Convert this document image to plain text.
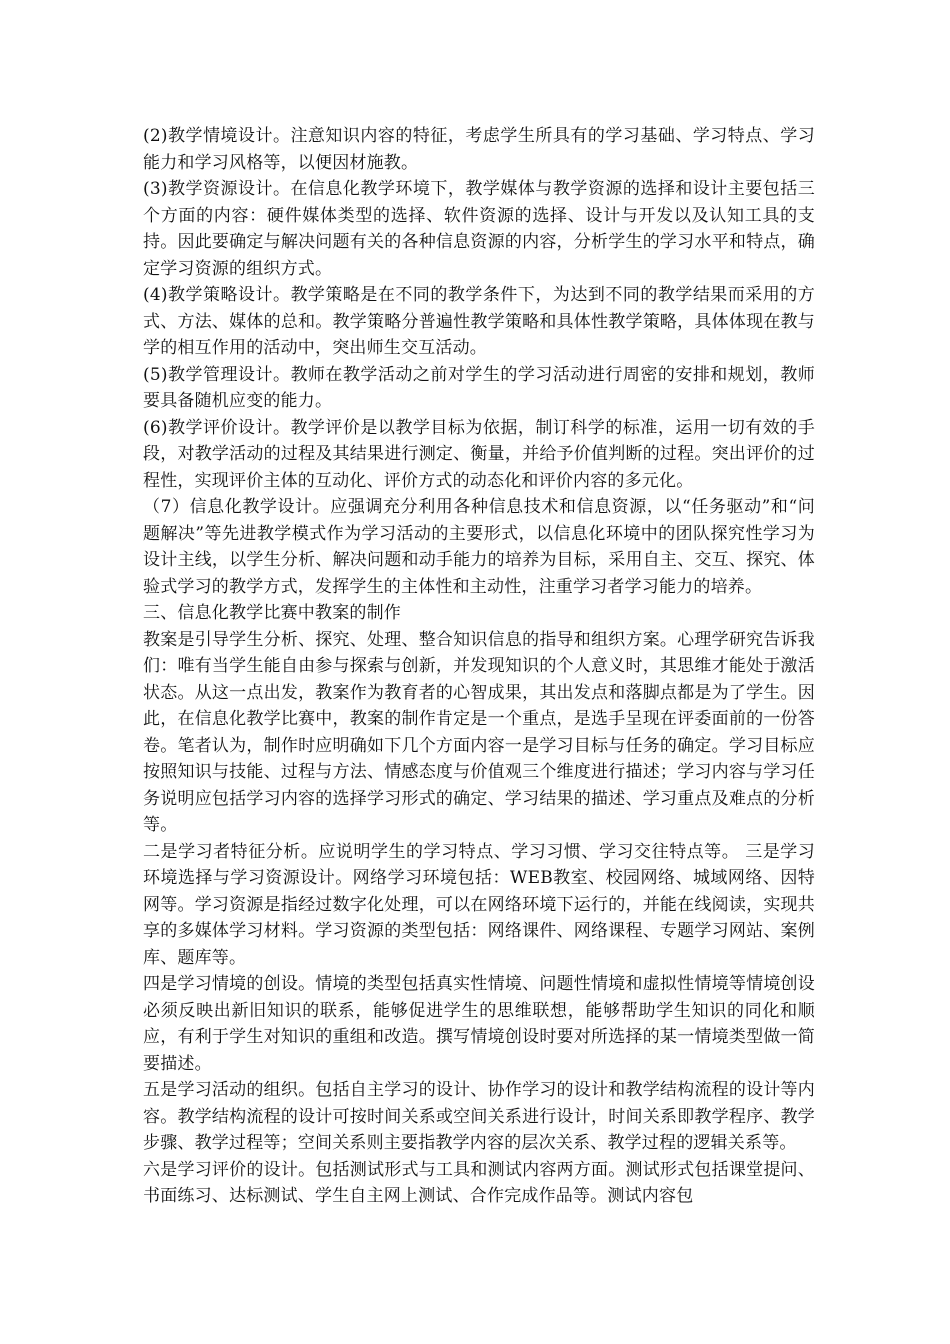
(2)教学情境设计。注意知识内容的特征，考虑学生所具有的学习基础、学习特点、学习能力和学习风格等，以便因材施教。

(3)教学资源设计。在信息化教学环境下，教学媒体与教学资源的选择和设计主要包括三个方面的内容：硬件媒体类型的选择、软件资源的选择、设计与开发以及认知工具的支持。因此要确定与解决问题有关的各种信息资源的内容，分析学生的学习水平和特点，确定学习资源的组织方式。

(4)教学策略设计。教学策略是在不同的教学条件下，为达到不同的教学结果而采用的方式、方法、媒体的总和。教学策略分普遍性教学策略和具体性教学策略，具体体现在教与学的相互作用的活动中，突出师生交互活动。

(5)教学管理设计。教师在教学活动之前对学生的学习活动进行周密的安排和规划，教师要具备随机应变的能力。

(6)教学评价设计。教学评价是以教学目标为依据，制订科学的标准，运用一切有效的手段，对教学活动的过程及其结果进行测定、衡量，并给予价值判断的过程。突出评价的过程性，实现评价主体的互动化、评价方式的动态化和评价内容的多元化。

（7）信息化教学设计。应强调充分利用各种信息技术和信息资源，以“任务驱动”和“问题解决”等先进教学模式作为学习活动的主要形式，以信息化环境中的团队探究性学习为设计主线，以学生分析、解决问题和动手能力的培养为目标，采用自主、交互、探究、体验式学习的教学方式，发挥学生的主体性和主动性，注重学习者学习能力的培养。

三、信息化教学比赛中教案的制作

教案是引导学生分析、探究、处理、整合知识信息的指导和组织方案。心理学研究告诉我们：唯有当学生能自由参与探索与创新，并发现知识的个人意义时，其思维才能处于激活状态。从这一点出发，教案作为教育者的心智成果，其出发点和落脚点都是为了学生。因此，在信息化教学比赛中，教案的制作肯定是一个重点，是选手呈现在评委面前的一份答卷。笔者认为，制作时应明确如下几个方面内容一是学习目标与任务的确定。学习目标应按照知识与技能、过程与方法、情感态度与价值观三个维度进行描述；学习内容与学习任务说明应包括学习内容的选择学习形式的确定、学习结果的描述、学习重点及难点的分析等。

二是学习者特征分析。应说明学生的学习特点、学习习惯、学习交往特点等。 三是学习环境选择与学习资源设计。网络学习环境包括：WEB教室、校园网络、城域网络、因特网等。学习资源是指经过数字化处理，可以在网络环境下运行的，并能在线阅读，实现共享的多媒体学习材料。学习资源的类型包括：网络课件、网络课程、专题学习网站、案例库、题库等。

四是学习情境的创设。情境的类型包括真实性情境、问题性情境和虚拟性情境等情境创设必须反映出新旧知识的联系，能够促进学生的思维联想，能够帮助学生知识的同化和顺应，有利于学生对知识的重组和改造。撰写情境创设时要对所选择的某一情境类型做一简要描述。

五是学习活动的组织。包括自主学习的设计、协作学习的设计和教学结构流程的设计等内容。教学结构流程的设计可按时间关系或空间关系进行设计，时间关系即教学程序、教学步骤、教学过程等；空间关系则主要指教学内容的层次关系、教学过程的逻辑关系等。

六是学习评价的设计。包括测试形式与工具和测试内容两方面。测试形式包括课堂提问、书面练习、达标测试、学生自主网上测试、合作完成作品等。测试内容包
